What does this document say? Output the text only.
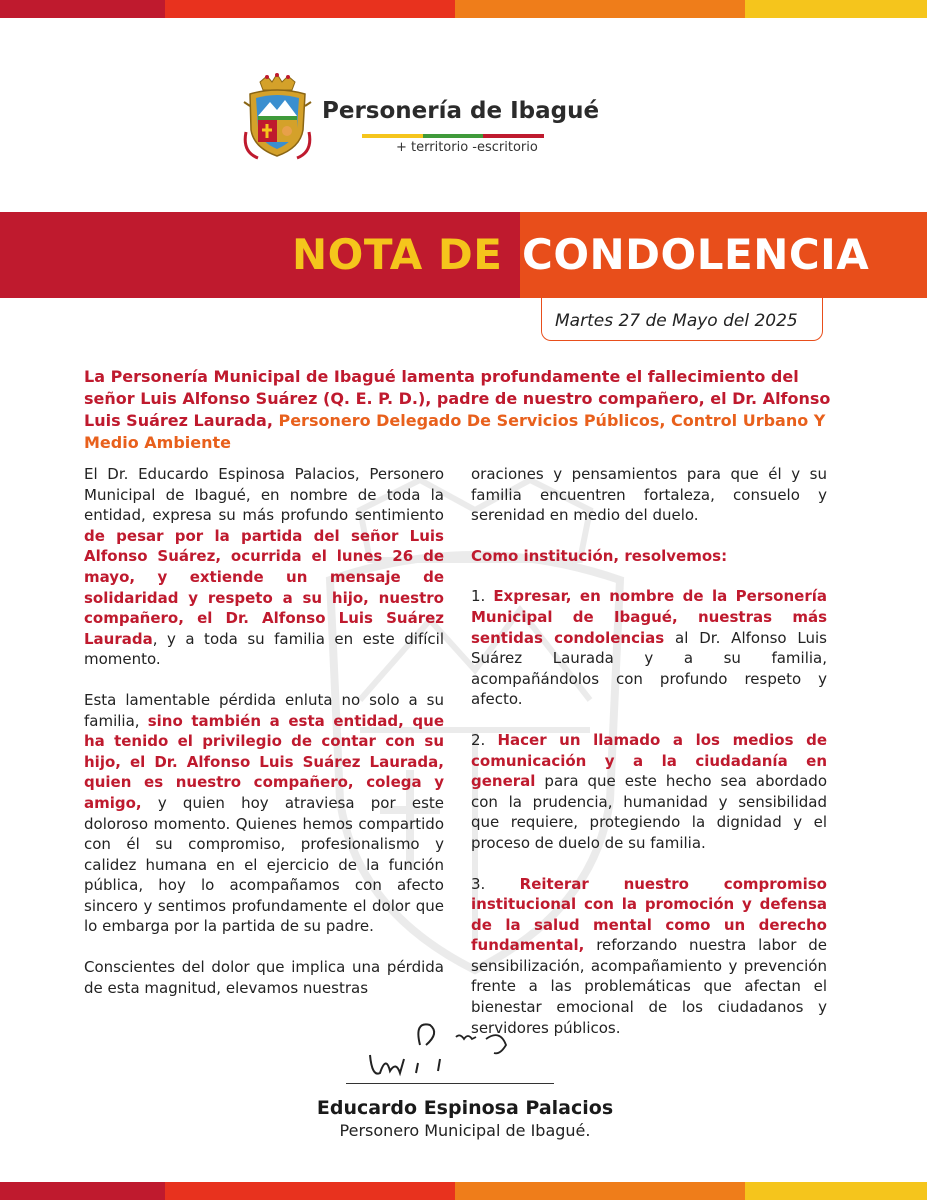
Personería de Ibagué
+ territorio -escritorio
NOTA DE CONDOLENCIA
Martes 27 de Mayo del 2025
La Personería Municipal de Ibagué lamenta profundamente el fallecimiento del señor Luis Alfonso Suárez (Q. E. P. D.), padre de nuestro compañero, el Dr. Alfonso Luis Suárez Laurada, Personero Delegado De Servicios Públicos, Control Urbano Y Medio Ambiente

El Dr. Educardo Espinosa Palacios, Personero Municipal de Ibagué, en nombre de toda la entidad, expresa su más profundo sentimiento de pesar por la partida del señor Luis Alfonso Suárez, ocurrida el lunes 26 de mayo, y extiende un mensaje de solidaridad y respeto a su hijo, nuestro compañero, el Dr. Alfonso Luis Suárez Laurada, y a toda su familia en este difícil momento.

Esta lamentable pérdida enluta no solo a su familia, sino también a esta entidad, que ha tenido el privilegio de contar con su hijo, el Dr. Alfonso Luis Suárez Laurada, quien es nuestro compañero, colega y amigo, y quien hoy atraviesa por este doloroso momento. Quienes hemos compartido con él su compromiso, profesionalismo y calidez humana en el ejercicio de la función pública, hoy lo acompañamos con afecto sincero y sentimos profundamente el dolor que lo embarga por la partida de su padre.

Conscientes del dolor que implica una pérdida de esta magnitud, elevamos nuestras

oraciones y pensamientos para que él y su familia encuentren fortaleza, consuelo y serenidad en medio del duelo.

Como institución, resolvemos:

1. Expresar, en nombre de la Personería Municipal de Ibagué, nuestras más sentidas condolencias al Dr. Alfonso Luis Suárez Laurada y a su familia, acompañándolos con profundo respeto y afecto.

2. Hacer un llamado a los medios de comunicación y a la ciudadanía en general para que este hecho sea abordado con la prudencia, humanidad y sensibilidad que requiere, protegiendo la dignidad y el proceso de duelo de su familia.

3. Reiterar nuestro compromiso institucional con la promoción y defensa de la salud mental como un derecho fundamental, reforzando nuestra labor de sensibilización, acompañamiento y prevención frente a las problemáticas que afectan el bienestar emocional de los ciudadanos y servidores públicos.

Educardo Espinosa Palacios
Personero Municipal de Ibagué.
